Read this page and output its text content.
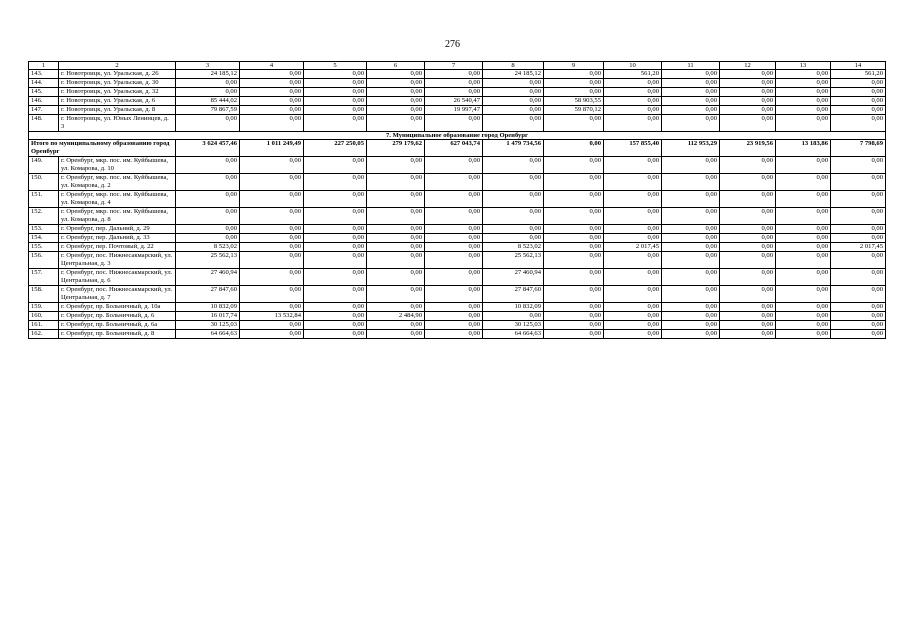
276
1	2	3	4	5	6	7	8	9	10	11	12	13	14
143.	г. Новотроицк, ул. Уральская, д. 26	24 185,12	0,00	0,00	0,00	0,00	24 185,12	0,00	561,20	0,00	0,00	0,00	561,20
144.	г. Новотроицк, ул. Уральская, д. 30	0,00	0,00	0,00	0,00	0,00	0,00	0,00	0,00	0,00	0,00	0,00	0,00
145.	г. Новотроицк, ул. Уральская, д. 32	0,00	0,00	0,00	0,00	0,00	0,00	0,00	0,00	0,00	0,00	0,00	0,00
146.	г. Новотроицк, ул. Уральская, д. 6	85 444,02	0,00	0,00	0,00	26 540,47	0,00	58 903,55	0,00	0,00	0,00	0,00	0,00
147.	г. Новотроицк, ул. Уральская, д. 8	79 867,59	0,00	0,00	0,00	19 997,47	0,00	59 870,12	0,00	0,00	0,00	0,00	0,00
148.	г. Новотроицк, ул. Юных Ленинцев, д. 3	0,00	0,00	0,00	0,00	0,00	0,00	0,00	0,00	0,00	0,00	0,00	0,00
7. Муниципальное образование город Оренбург													
Итого по муниципальному образованию город Оренбург		3 624 457,46	1 011 249,49	227 250,05	279 179,62	627 043,74	1 479 734,56	0,00	157 855,40	112 953,29	23 919,56	13 183,86	7 798,69
149.	г. Оренбург, мкр. пос. им. Куйбышева, ул. Комарова, д. 10	0,00	0,00	0,00	0,00	0,00	0,00	0,00	0,00	0,00	0,00	0,00	0,00
150.	г. Оренбург, мкр. пос. им. Куйбышева, ул. Комарова, д. 2	0,00	0,00	0,00	0,00	0,00	0,00	0,00	0,00	0,00	0,00	0,00	0,00
151.	г. Оренбург, мкр. пос. им. Куйбышева, ул. Комарова, д. 4	0,00	0,00	0,00	0,00	0,00	0,00	0,00	0,00	0,00	0,00	0,00	0,00
152.	г. Оренбург, мкр. пос. им. Куйбышева, ул. Комарова, д. 8	0,00	0,00	0,00	0,00	0,00	0,00	0,00	0,00	0,00	0,00	0,00	0,00
153.	г. Оренбург, пер. Дальний, д. 29	0,00	0,00	0,00	0,00	0,00	0,00	0,00	0,00	0,00	0,00	0,00	0,00
154.	г. Оренбург, пер. Дальний, д. 33	0,00	0,00	0,00	0,00	0,00	0,00	0,00	0,00	0,00	0,00	0,00	0,00
155.	г. Оренбург, пер. Почтовый, д. 22	8 523,02	0,00	0,00	0,00	0,00	8 523,02	0,00	2 017,45	0,00	0,00	0,00	2 017,45
156.	г. Оренбург, пос. Нижнесакмарский, ул. Центральная, д. 3	25 562,13	0,00	0,00	0,00	0,00	25 562,13	0,00	0,00	0,00	0,00	0,00	0,00
157.	г. Оренбург, пос. Нижнесакмарский, ул. Центральная, д. 6	27 460,94	0,00	0,00	0,00	0,00	27 460,94	0,00	0,00	0,00	0,00	0,00	0,00
158.	г. Оренбург, пос. Нижнесакмарский, ул. Центральная, д. 7	27 847,60	0,00	0,00	0,00	0,00	27 847,60	0,00	0,00	0,00	0,00	0,00	0,00
159.	г. Оренбург, пр. Больничный, д. 10а	10 832,09	0,00	0,00	0,00	0,00	10 832,09	0,00	0,00	0,00	0,00	0,00	0,00
160.	г. Оренбург, пр. Больничный, д. 6	16 017,74	13 532,84	0,00	2 484,90	0,00	0,00	0,00	0,00	0,00	0,00	0,00	0,00
161.	г. Оренбург, пр. Больничный, д. 6а	30 125,03	0,00	0,00	0,00	0,00	30 125,03	0,00	0,00	0,00	0,00	0,00	0,00
162.	г. Оренбург, пр. Больничный, д. 8	64 664,63	0,00	0,00	0,00	0,00	64 664,63	0,00	0,00	0,00	0,00	0,00	0,00
